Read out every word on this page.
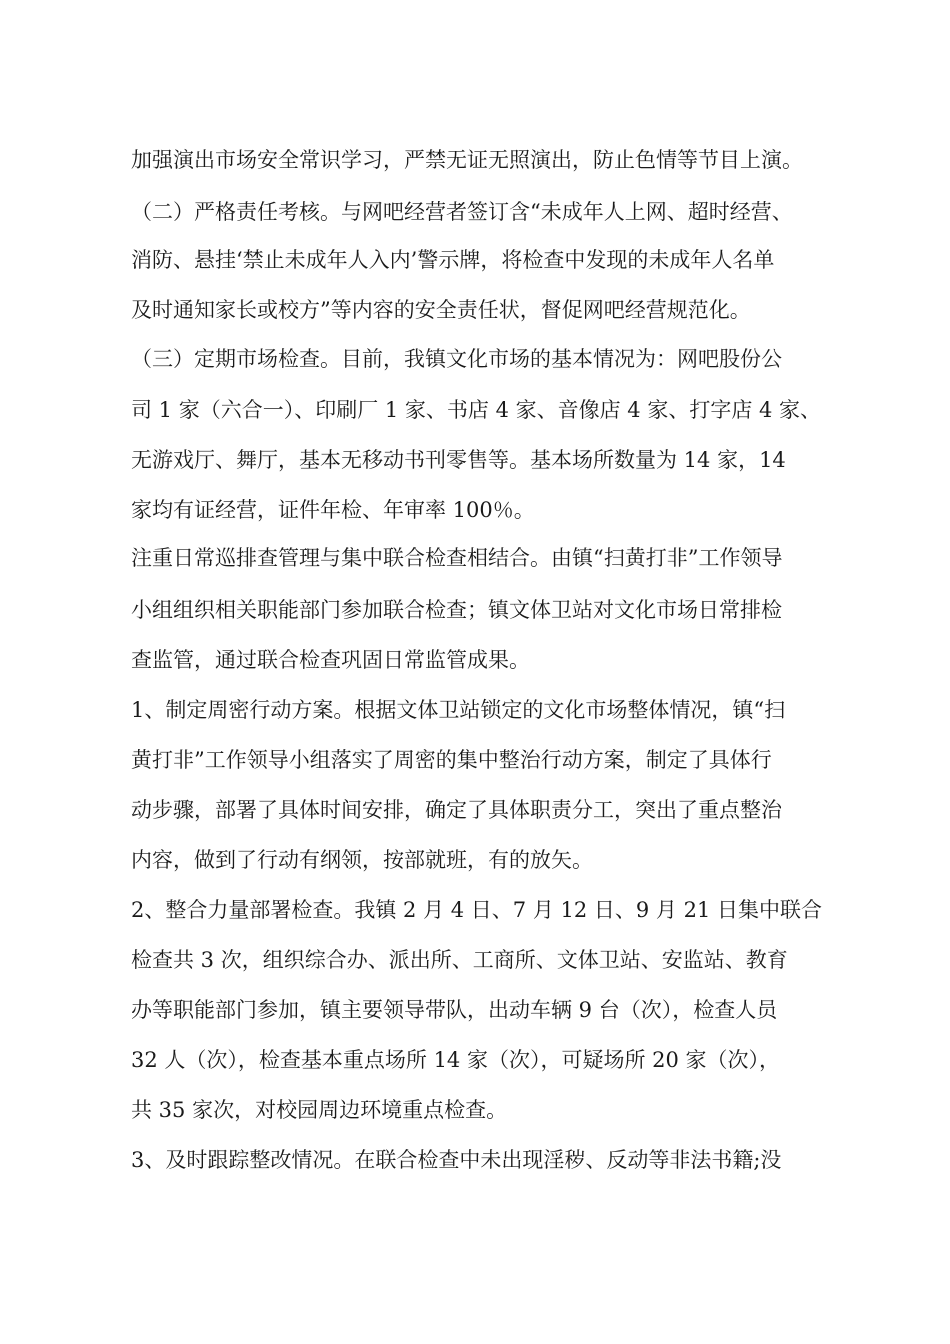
加强演出市场安全常识学习，严禁无证无照演出，防止色情等节目上演。
（二）严格责任考核。与网吧经营者签订含“未成年人上网、超时经营、
消防、悬挂‘禁止未成年人入内’警示牌，将检查中发现的未成年人名单
及时通知家长或校方”等内容的安全责任状，督促网吧经营规范化。
（三）定期市场检查。目前，我镇文化市场的基本情况为：网吧股份公
司 1 家（六合一）、印刷厂 1 家、书店 4 家、音像店 4 家、打字店 4 家、
无游戏厅、舞厅，基本无移动书刊零售等。基本场所数量为 14 家，14
家均有证经营，证件年检、年审率 100％。
注重日常巡排查管理与集中联合检查相结合。由镇“扫黄打非”工作领导
小组组织相关职能部门参加联合检查；镇文体卫站对文化市场日常排检
查监管，通过联合检查巩固日常监管成果。
1、制定周密行动方案。根据文体卫站锁定的文化市场整体情况，镇“扫
黄打非”工作领导小组落实了周密的集中整治行动方案，制定了具体行
动步骤，部署了具体时间安排，确定了具体职责分工，突出了重点整治
内容，做到了行动有纲领，按部就班，有的放矢。
2、整合力量部署检查。我镇 2 月 4 日、7 月 12 日、9 月 21 日集中联合
检查共 3 次，组织综合办、派出所、工商所、文体卫站、安监站、教育
办等职能部门参加，镇主要领导带队，出动车辆 9 台（次），检查人员
32 人（次），检查基本重点场所 14 家（次），可疑场所 20 家（次），
共 35 家次，对校园周边环境重点检查。
3、及时跟踪整改情况。在联合检查中未出现淫秽、反动等非法书籍;没
